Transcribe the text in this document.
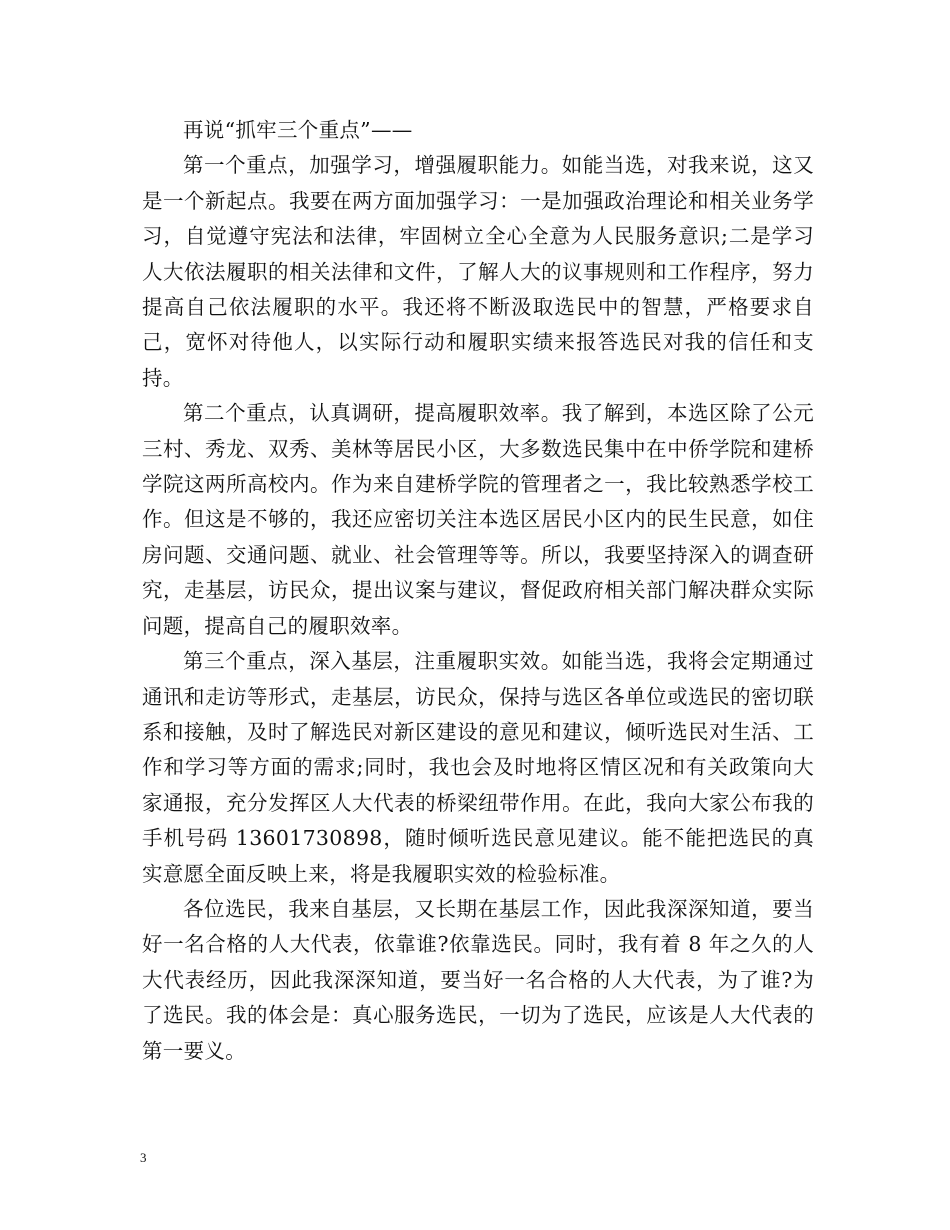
再说“抓牢三个重点”——

第一个重点，加强学习，增强履职能力。如能当选，对我来说，这又是一个新起点。我要在两方面加强学习：一是加强政治理论和相关业务学习，自觉遵守宪法和法律，牢固树立全心全意为人民服务意识;二是学习人大依法履职的相关法律和文件，了解人大的议事规则和工作程序，努力提高自己依法履职的水平。我还将不断汲取选民中的智慧，严格要求自己，宽怀对待他人，以实际行动和履职实绩来报答选民对我的信任和支持。

第二个重点，认真调研，提高履职效率。我了解到，本选区除了公元三村、秀龙、双秀、美林等居民小区，大多数选民集中在中侨学院和建桥学院这两所高校内。作为来自建桥学院的管理者之一，我比较熟悉学校工作。但这是不够的，我还应密切关注本选区居民小区内的民生民意，如住房问题、交通问题、就业、社会管理等等。所以，我要坚持深入的调查研究，走基层，访民众，提出议案与建议，督促政府相关部门解决群众实际问题，提高自己的履职效率。

第三个重点，深入基层，注重履职实效。如能当选，我将会定期通过通讯和走访等形式，走基层，访民众，保持与选区各单位或选民的密切联系和接触，及时了解选民对新区建设的意见和建议，倾听选民对生活、工作和学习等方面的需求;同时，我也会及时地将区情区况和有关政策向大家通报，充分发挥区人大代表的桥梁纽带作用。在此，我向大家公布我的手机号码 13601730898，随时倾听选民意见建议。能不能把选民的真实意愿全面反映上来，将是我履职实效的检验标准。

各位选民，我来自基层，又长期在基层工作，因此我深深知道，要当好一名合格的人大代表，依靠谁?依靠选民。同时，我有着 8 年之久的人大代表经历，因此我深深知道，要当好一名合格的人大代表，为了谁?为了选民。我的体会是：真心服务选民，一切为了选民，应该是人大代表的第一要义。

3
